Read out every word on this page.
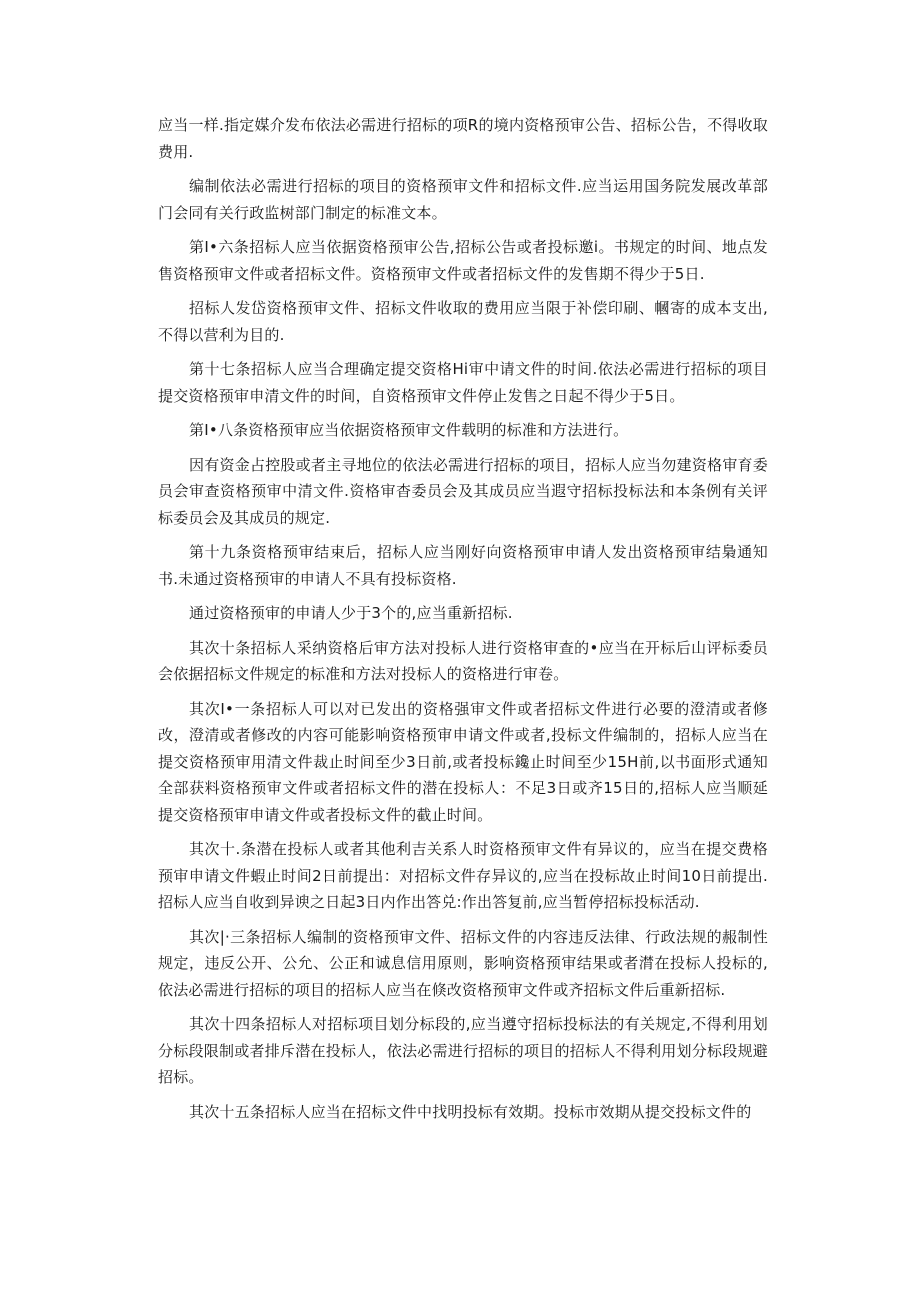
应当一样.指定媒介发布依法必需进行招标的项R的境内资格预审公告、招标公告，不得收取费用.

编制依法必需进行招标的项目的资格预审文件和招标文件.应当运用国务院发展改革部门会同有关行政监树部门制定的标准文本。

第I•六条招标人应当依据资格预审公告,招标公告或者投标邀i。书规定的时间、地点发售资格预审文件或者招标文件。资格预审文件或者招标文件的发售期不得少于5日.

招标人发岱资格预审文件、招标文件收取的费用应当限于补偿印刷、幗寄的成本支出,不得以营利为目的.

第十七条招标人应当合理确定提交资格Hi审中请文件的时间.依法必需进行招标的项目提交资格预审申清文件的时间，自资格预审文件停止发售之日起不得少于5日。

第I•八条资格预审应当依据资格预审文件载明的标准和方法进行。

因有资金占控股或者主寻地位的依法必需进行招标的项目，招标人应当勿建资格审育委员会审查资格预审中清文件.资格审杳委员会及其成员应当遐守招标投标法和本条例有关评标委员会及其成员的规定.

第十九条资格预审结束后，招标人应当刚好向资格预审申请人发出资格预审结梟通知书.未通过资格预审的申请人不具有投标资格.

通过资格预审的申请人少于3个的,应当重新招标.

其次十条招标人采纳资格后审方法对投标人进行资格审查的•应当在开标后山评标委员会依据招标文件规定的标准和方法对投标人的资格进行审卷。

其次I•一条招标人可以对已发出的资格强审文件或者招标文件进行必要的澄清或者修改，澄清或者修改的内容可能影响资格预审申请文件或者,投标文件编制的，招标人应当在提交资格预审用清文件裁止时间至少3日前,或者投标鑱止时间至少15H前,以书面形式通知全部获料资格预审文件或者招标文件的潜在投标人：不足3日或齐15日的,招标人应当顺延提交资格预审申请文件或者投标文件的截止时间。

其次十.条潜在投标人或者其他利吉关系人时资格预审文件有异议的，应当在提交费格预审申请文件蝦止时间2日前提出：对招标文件存异议的,应当在投标故止时间10日前提出.招标人应当自收到异谀之日起3日内作出答兑:作出答复前,应当暂停招标投标活动.

其次|·三条招标人编制的资格预审文件、招标文件的内容违反法律、行政法规的赧制性规定，违反公开、公允、公正和诚息信用原则，影响资格预审结果或者潸在投标人投标的,依法必需进行招标的项目的招标人应当在倏改资格预审文件或齐招标文件后重新招标.

其次十四条招标人对招标项目划分标段的,应当遵守招标投标法的有关规定,不得利用划分标段限制或者排斥潜在投标人，依法必需进行招标的项目的招标人不得利用划分标段规避招标。

其次十五条招标人应当在招标文件中找明投标有效期。投标市效期从提交投标文件的
